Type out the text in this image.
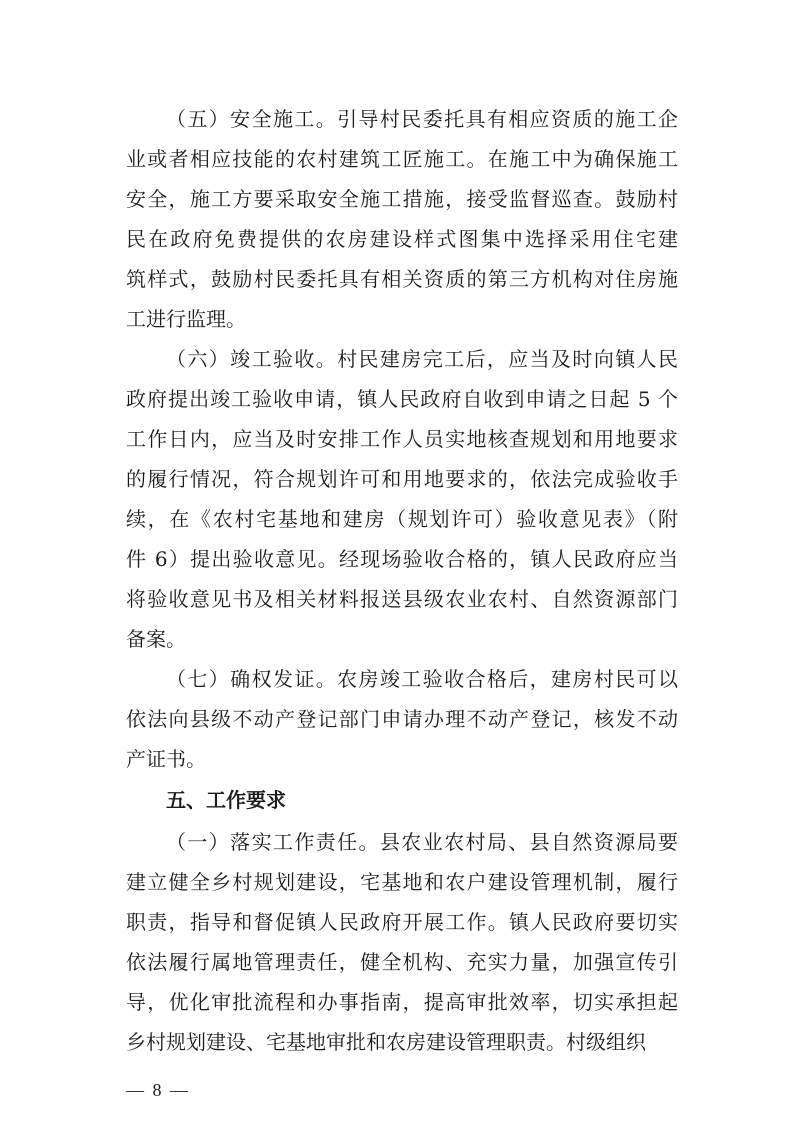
（五）安全施工。引导村民委托具有相应资质的施工企
业或者相应技能的农村建筑工匠施工。在施工中为确保施工
安全，施工方要采取安全施工措施，接受监督巡查。鼓励村
民在政府免费提供的农房建设样式图集中选择采用住宅建
筑样式，鼓励村民委托具有相关资质的第三方机构对住房施
工进行监理。
（六）竣工验收。村民建房完工后，应当及时向镇人民
政府提出竣工验收申请，镇人民政府自收到申请之日起 5 个
工作日内，应当及时安排工作人员实地核查规划和用地要求
的履行情况，符合规划许可和用地要求的，依法完成验收手
续，在《农村宅基地和建房（规划许可）验收意见表》（附
件 6）提出验收意见。经现场验收合格的，镇人民政府应当
将验收意见书及相关材料报送县级农业农村、自然资源部门
备案。
（七）确权发证。农房竣工验收合格后，建房村民可以
依法向县级不动产登记部门申请办理不动产登记，核发不动
产证书。
五、工作要求
（一）落实工作责任。县农业农村局、县自然资源局要
建立健全乡村规划建设，宅基地和农户建设管理机制，履行
职责，指导和督促镇人民政府开展工作。镇人民政府要切实
依法履行属地管理责任，健全机构、充实力量，加强宣传引
导，优化审批流程和办事指南，提高审批效率，切实承担起
乡村规划建设、宅基地审批和农房建设管理职责。村级组织
— 8 —
